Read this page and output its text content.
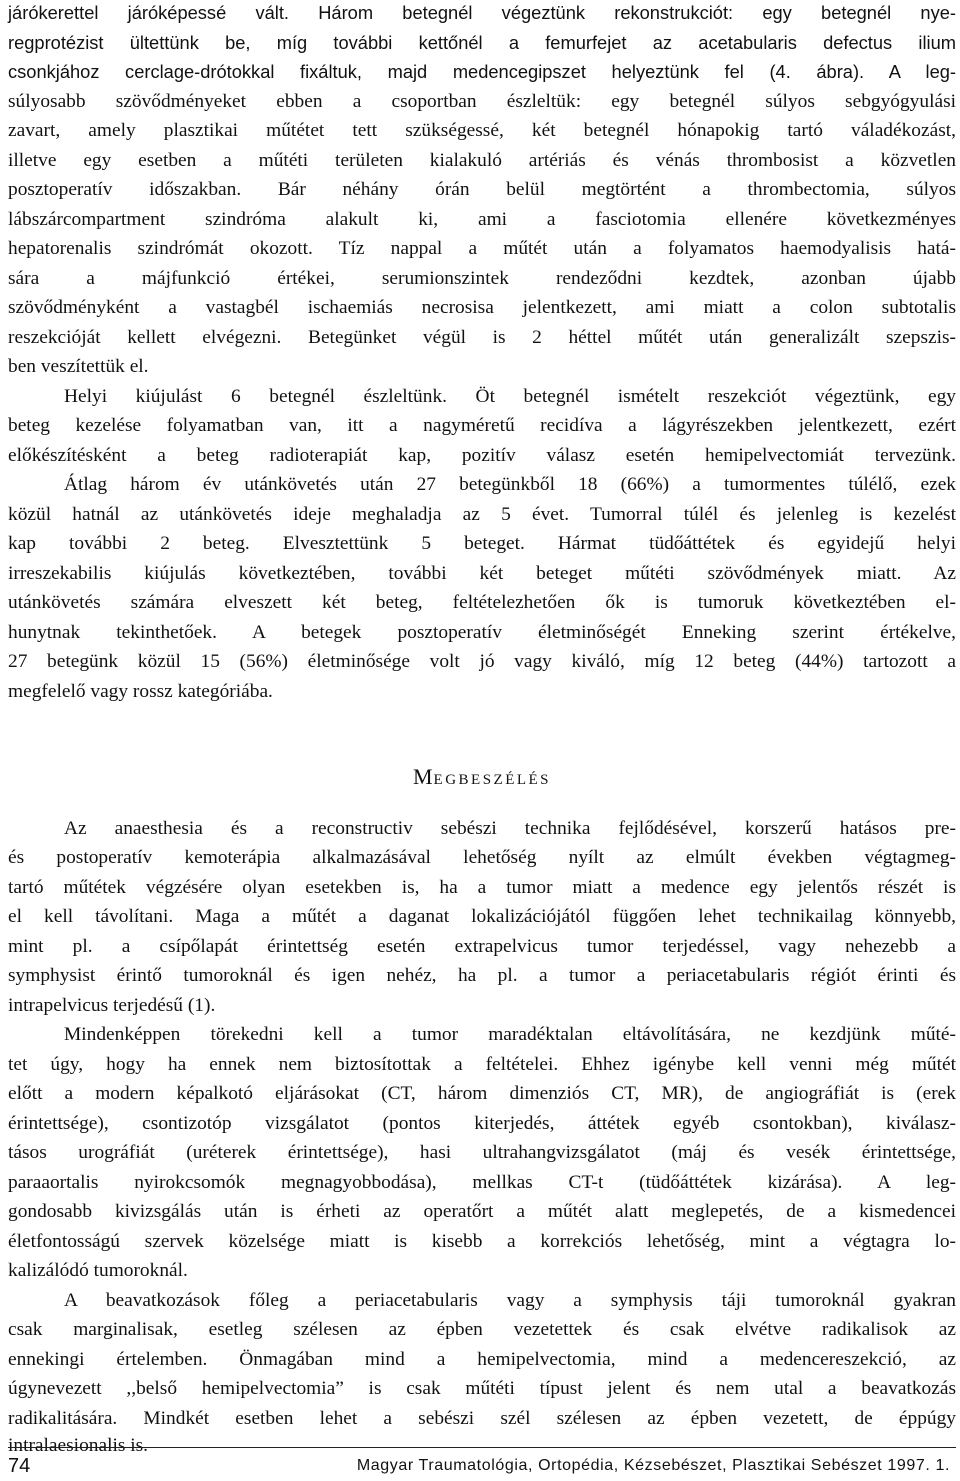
járókerettel járóképessé vált. Három betegnél végeztünk rekonstrukciót: egy betegnél nye-
regprotézist ültettünk be, míg további kettőnél a femurfejet az acetabularis defectus ilium
csonkjához cerclage-drótokkal fixáltuk, majd medencegipszet helyeztünk fel (4. ábra). A leg-
súlyosabb szövődményeket ebben a csoportban észleltük: egy betegnél súlyos sebgyógyulási
zavart, amely plasztikai műtétet tett szükségessé, két betegnél hónapokig tartó váladékozást,
illetve egy esetben a műtéti területen kialakuló artériás és vénás thrombosist a közvetlen
posztoperatív időszakban. Bár néhány órán belül megtörtént a thrombectomia, súlyos
lábszárcompartment szindróma alakult ki, ami a fasciotomia ellenére következményes
hepatorenalis szindrómát okozott. Tíz nappal a műtét után a folyamatos haemodyalisis hatá-
sára a májfunkció értékei, serumionszintek rendeződni kezdtek, azonban újabb
szövődményként a vastagbél ischaemiás necrosisa jelentkezett, ami miatt a colon subtotalis
reszekcióját kellett elvégezni. Betegünket végül is 2 héttel műtét után generalizált szepszis-
ben veszítettük el.
Helyi kiújulást 6 betegnél észleltünk. Öt betegnél ismételt reszekciót végeztünk, egy
beteg kezelése folyamatban van, itt a nagyméretű recidíva a lágyrészekben jelentkezett, ezért
előkészítésként a beteg radioterapiát kap, pozitív válasz esetén hemipelvectomiát tervezünk.
Átlag három év utánkövetés után 27 betegünkből 18 (66%) a tumormentes túlélő, ezek
közül hatnál az utánkövetés ideje meghaladja az 5 évet. Tumorral túlél és jelenleg is kezelést
kap további 2 beteg. Elvesztettünk 5 beteget. Hármat tüdőáttétek és egyidejű helyi
irreszekabilis kiújulás következtében, további két beteget műtéti szövődmények miatt. Az
utánkövetés számára elveszett két beteg, feltételezhetően ők is tumoruk következtében el-
hunytnak tekinthetőek. A betegek posztoperatív életminőségét Enneking szerint értékelve,
27 betegünk közül 15 (56%) életminősége volt jó vagy kiváló, míg 12 beteg (44%) tartozott a
megfelelő vagy rossz kategóriába.
MEGBESZÉLÉS
Az anaesthesia és a reconstructiv sebészi technika fejlődésével, korszerű hatásos pre-
és postoperatív kemoterápia alkalmazásával lehetőség nyílt az elmúlt években végtagmeg-
tartó műtétek végzésére olyan esetekben is, ha a tumor miatt a medence egy jelentős részét is
el kell távolítani. Maga a műtét a daganat lokalizációjától függően lehet technikailag könnyebb,
mint pl. a csípőlapát érintettség esetén extrapelvicus tumor terjedéssel, vagy nehezebb a
symphysist érintő tumoroknál és igen nehéz, ha pl. a tumor a periacetabularis régiót érinti és
intrapelvicus terjedésű (1).
Mindenképpen törekedni kell a tumor maradéktalan eltávolítására, ne kezdjünk műté-
tet úgy, hogy ha ennek nem biztosítottak a feltételei. Ehhez igénybe kell venni még műtét
előtt a modern képalkotó eljárásokat (CT, három dimenziós CT, MR), de angiográfiát is (erek
érintettsége), csontizotóp vizsgálatot (pontos kiterjedés, áttétek egyéb csontokban), kiválasz-
tásos urográfiát (uréterek érintettsége), hasi ultrahangvizsgálatot (máj és vesék érintettsége,
paraaortalis nyirokcsomók megnagyobbodása), mellkas CT-t (tüdőáttétek kizárása). A leg-
gondosabb kivizsgálás után is érheti az operatőrt a műtét alatt meglepetés, de a kismedencei
életfontosságú szervek közelsége miatt is kisebb a korrekciós lehetőség, mint a végtagra lo-
kalizálódó tumoroknál.
A beavatkozások főleg a periacetabularis vagy a symphysis táji tumoroknál gyakran
csak marginalisak, esetleg szélesen az épben vezetettek és csak elvétve radikalisok az
ennekingi értelemben. Önmagában mind a hemipelvectomia, mind a medencereszekció, az
úgynevezett ,,belső hemipelvectomia” is csak műtéti típust jelent és nem utal a beavatkozás
radikalitására. Mindkét esetben lehet a sebészi szél szélesen az épben vezetett, de éppúgy
intralaesionalis is.
74	Magyar Traumatológia, Ortopédia, Kézsebészet, Plasztikai Sebészet 1997. 1.
